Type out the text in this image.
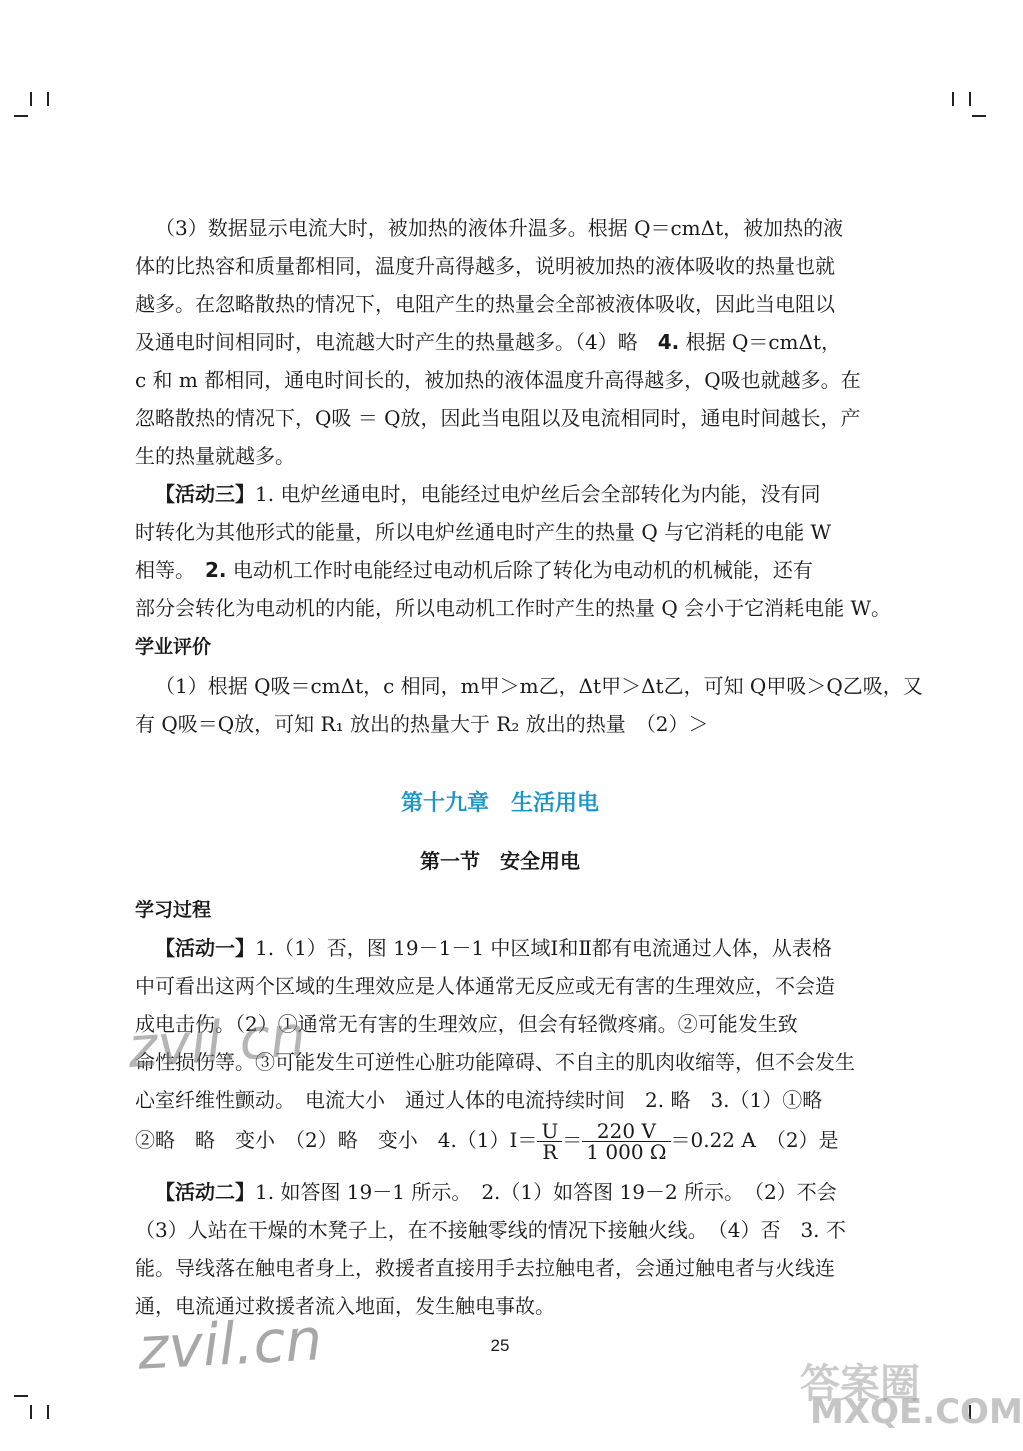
（3）数据显示电流大时，被加热的液体升温多。根据 Q＝cmΔt，被加热的液
体的比热容和质量都相同，温度升高得越多，说明被加热的液体吸收的热量也就
越多。在忽略散热的情况下，电阻产生的热量会全部被液体吸收，因此当电阻以
及通电时间相同时，电流越大时产生的热量越多。（4）略　4. 根据 Q＝cmΔt，
c 和 m 都相同，通电时间长的，被加热的液体温度升高得越多，Q吸也就越多。在
忽略散热的情况下，Q吸 ＝ Q放，因此当电阻以及电流相同时，通电时间越长，产
生的热量就越多。
【活动三】1. 电炉丝通电时，电能经过电炉丝后会全部转化为内能，没有同
时转化为其他形式的能量，所以电炉丝通电时产生的热量 Q 与它消耗的电能 W
相等。　 2. 电动机工作时电能经过电动机后除了转化为电动机的机械能，还有
部分会转化为电动机的内能，所以电动机工作时产生的热量 Q 会小于它消耗电能 W。
学业评价
（1）根据 Q吸＝cmΔt，c 相同，m甲＞m乙，Δt甲＞Δt乙，可知 Q甲吸＞Q乙吸，又
有 Q吸＝Q放，可知 R₁ 放出的热量大于 R₂ 放出的热量　（2）＞
第十九章　生活用电
第一节　安全用电
学习过程
【活动一】1.（1）否，图 19－1－1 中区域Ⅰ和Ⅱ都有电流通过人体，从表格
中可看出这两个区域的生理效应是人体通常无反应或无有害的生理效应，不会造
成电击伤。（2）①通常无有害的生理效应，但会有轻微疼痛。②可能发生致
命性损伤等。③可能发生可逆性心脏功能障碍、不自主的肌肉收缩等，但不会发生
心室纤维性颤动。　电流大小　通过人体的电流持续时间　2. 略　3.（1）①略
②略　略　变小　（2）略　变小　$4.(1)I= \frac{U}{R} = \frac{220 V}{1 000 \Omega} =0.22$ A　（2）是
【活动二】1. 如答图 19－1 所示。　2.（1）如答图 19－2 所示。　（2）不会
（3）人站在干燥的木凳子上，在不接触零线的情况下接触火线。　（4）否　3. 不
能。导线落在触电者身上，救援者直接用手去拉触电者，会通过触电者与火线连
通，电流通过救援者流入地面，发生触电事故。
25
zvil.cn
zvil.cn
答案圈
MXQE.COM
